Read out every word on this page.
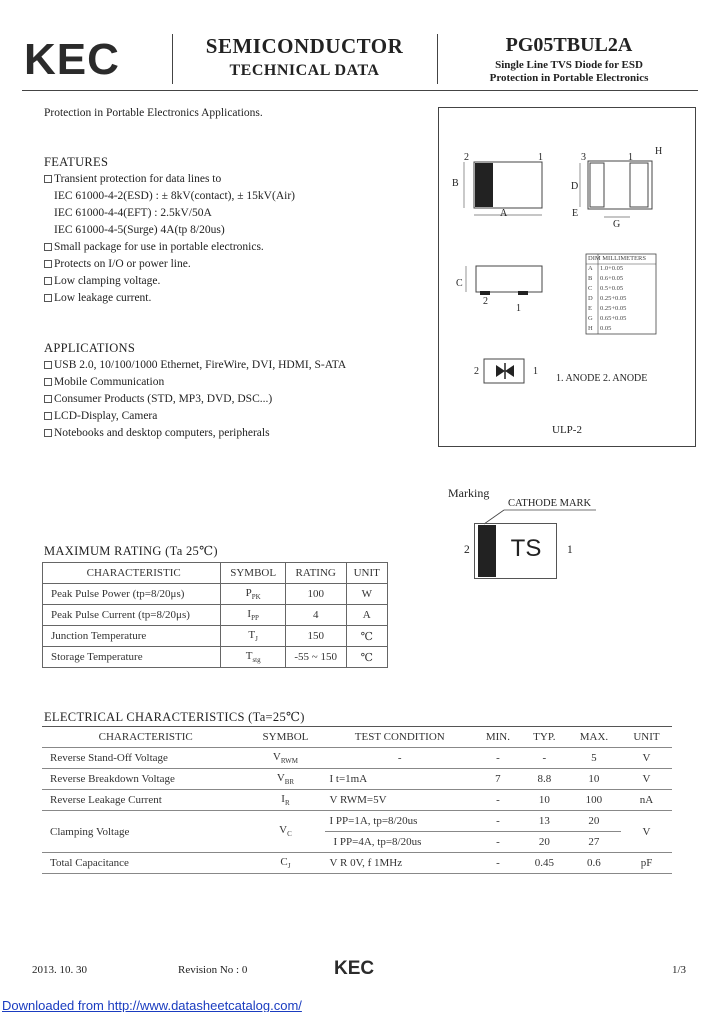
KEC	SEMICONDUCTOR
TECHNICAL DATA
PG05TBUL2A
Single Line TVS Diode for ESD
Protection in Portable Electronics
Protection in Portable Electronics Applications.
FEATURES
Transient protection for data lines to
IEC 61000-4-2(ESD) : ± 8kV(contact), ± 15kV(Air)
IEC 61000-4-4(EFT) : 2.5kV/50A
IEC 61000-4-5(Surge) 4A(tp 8/20us)
Small package for use in portable electronics.
Protects on I/O or power line.
Low clamping voltage.
Low leakage current.
APPLICATIONS
USB 2.0, 10/100/1000 Ethernet, FireWire, DVI, HDMI, S-ATA
Mobile Communication
Consumer Products (STD, MP3, DVD, DSC...)
LCD-Display, Camera
Notebooks and desktop computers, peripherals
2	1	3	1
2
1
A
B
C
D
E
G
H
DIM MILLIMETERS
A 1.0+0.05
B 0.6+0.05
C 0.5+0.05
D 0.25+0.05
E 0.25+0.05
G 0.65+0.05
H 0.05
2	1
1. ANODE 2. ANODE
ULP-2
Marking
CATHODE MARK
TS
2	1
MAXIMUM RATING (Ta 25℃)
CHARACTERISTIC	SYMBOL	RATING	UNIT
Peak Pulse Power (tp=8/20μs)	$P_{PK}$	100	W
Peak Pulse Current (tp=8/20μs)	$I_{PP}$	4	A
Junction Temperature	$T_J$	150	℃
Storage Temperature	$T_{stg}$	-55 ~ 150	℃
ELECTRICAL CHARACTERISTICS (Ta=25℃)
CHARACTERISTIC	SYMBOL	TEST CONDITION	MIN.	TYP.	MAX.	UNIT
Reverse Stand-Off Voltage	$V_{RWM}$	-	-	-	5	V
Reverse Breakdown Voltage	$V_{BR}$	I t=1mA	7	8.8	10	V
Reverse Leakage Current	$I_R$	V RWM=5V	-	10	100	nA
Clamping Voltage	$V_C$	I PP=1A, tp=8/20us	-	13	20	V
		I PP=4A, tp=8/20us	-	20	27	
Total Capacitance	$C_J$	V R 0V, f 1MHz	-	0.45	0.6	pF
2013. 10. 30	Revision No : 0	KEC	1/3
Downloaded from http://www.datasheetcatalog.com/
